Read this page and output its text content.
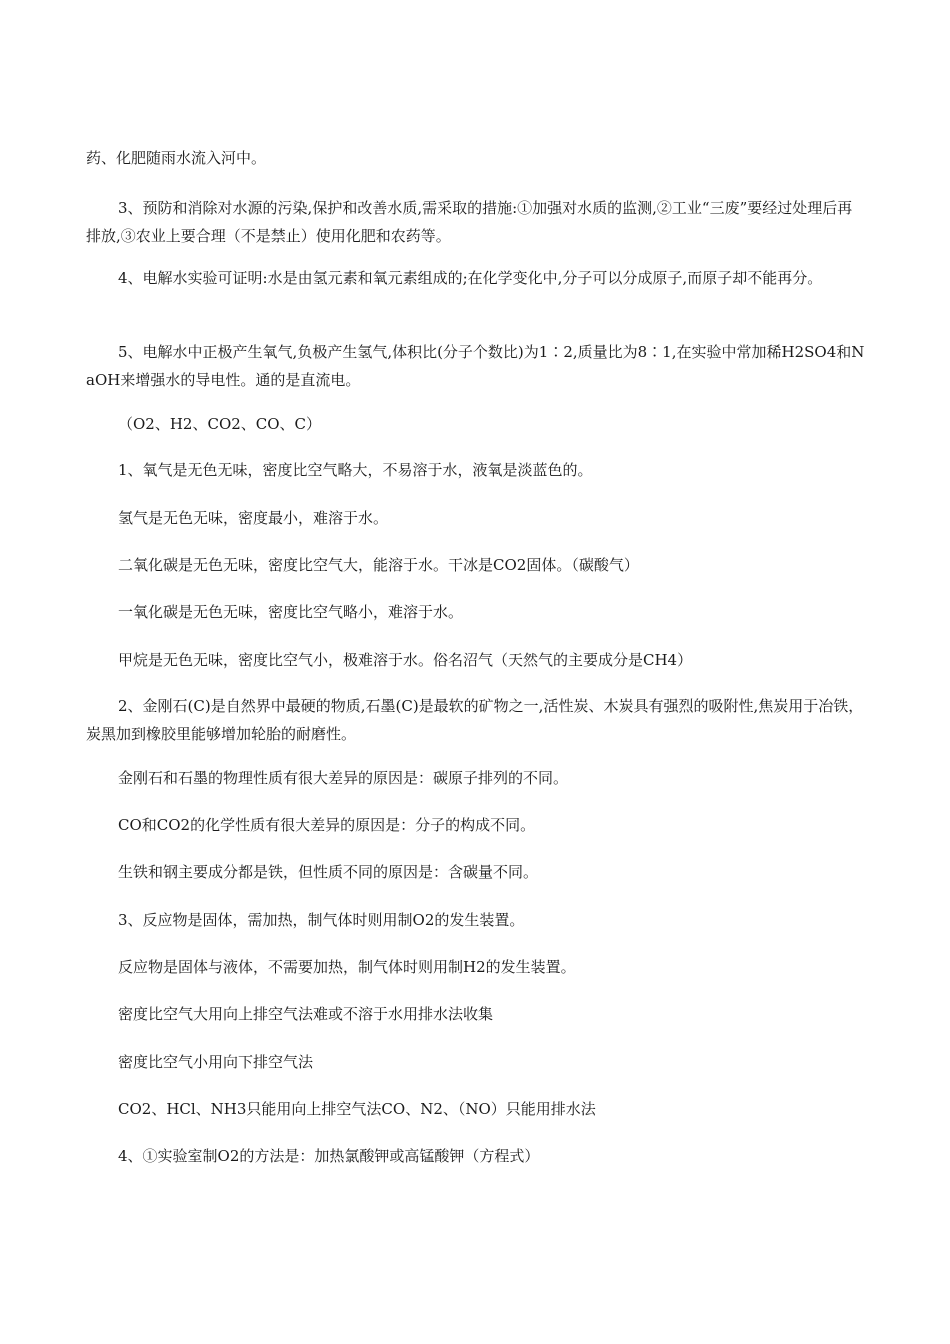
药、化肥随雨水流入河中。

3、预防和消除对水源的污染,保护和改善水质,需采取的措施:①加强对水质的监测,②工业“三废”要经过处理后再排放,③农业上要合理（不是禁止）使用化肥和农药等。

4、电解水实验可证明:水是由氢元素和氧元素组成的;在化学变化中,分子可以分成原子,而原子却不能再分。

5、电解水中正极产生氧气,负极产生氢气,体积比(分子个数比)为1∶2,质量比为8∶1,在实验中常加稀H2SO4和NaOH来增强水的导电性。通的是直流电。

（O2、H2、CO2、CO、C）

1、氧气是无色无味，密度比空气略大，不易溶于水，液氧是淡蓝色的。

氢气是无色无味，密度最小，难溶于水。

二氧化碳是无色无味，密度比空气大，能溶于水。干冰是CO2固体。（碳酸气）

一氧化碳是无色无味，密度比空气略小，难溶于水。

甲烷是无色无味，密度比空气小，极难溶于水。俗名沼气（天然气的主要成分是CH4）

2、金刚石(C)是自然界中最硬的物质,石墨(C)是最软的矿物之一,活性炭、木炭具有强烈的吸附性,焦炭用于冶铁，炭黑加到橡胶里能够增加轮胎的耐磨性。

金刚石和石墨的物理性质有很大差异的原因是：碳原子排列的不同。

CO和CO2的化学性质有很大差异的原因是：分子的构成不同。

生铁和钢主要成分都是铁，但性质不同的原因是：含碳量不同。

3、反应物是固体，需加热，制气体时则用制O2的发生装置。

反应物是固体与液体，不需要加热，制气体时则用制H2的发生装置。

密度比空气大用向上排空气法难或不溶于水用排水法收集

密度比空气小用向下排空气法

CO2、HCl、NH3只能用向上排空气法CO、N2、（NO）只能用排水法

4、①实验室制O2的方法是：加热氯酸钾或高锰酸钾（方程式）
